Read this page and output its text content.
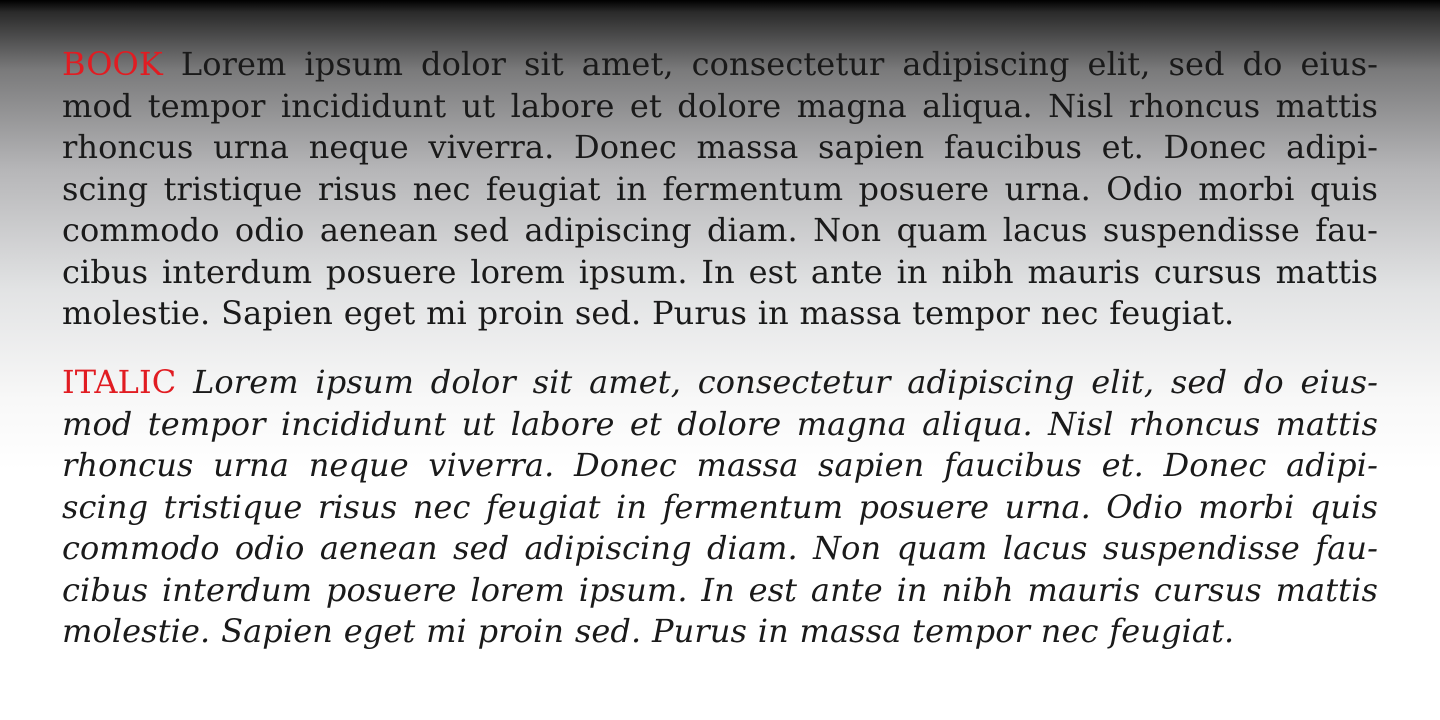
BOOK Lorem ipsum dolor sit amet, consectetur adipiscing elit, sed do eius-
mod tempor incididunt ut labore et dolore magna aliqua. Nisl rhoncus mattis
rhoncus urna neque viverra. Donec massa sapien faucibus et. Donec adipi-
scing tristique risus nec feugiat in fermentum posuere urna. Odio morbi quis
commodo odio aenean sed adipiscing diam. Non quam lacus suspendisse fau-
cibus interdum posuere lorem ipsum. In est ante in nibh mauris cursus mattis
molestie. Sapien eget mi proin sed. Purus in massa tempor nec feugiat.
ITALIC Lorem ipsum dolor sit amet, consectetur adipiscing elit, sed do eius-
mod tempor incididunt ut labore et dolore magna aliqua. Nisl rhoncus mattis
rhoncus urna neque viverra. Donec massa sapien faucibus et. Donec adipi-
scing tristique risus nec feugiat in fermentum posuere urna. Odio morbi quis
commodo odio aenean sed adipiscing diam. Non quam lacus suspendisse fau-
cibus interdum posuere lorem ipsum. In est ante in nibh mauris cursus mattis
molestie. Sapien eget mi proin sed. Purus in massa tempor nec feugiat.
